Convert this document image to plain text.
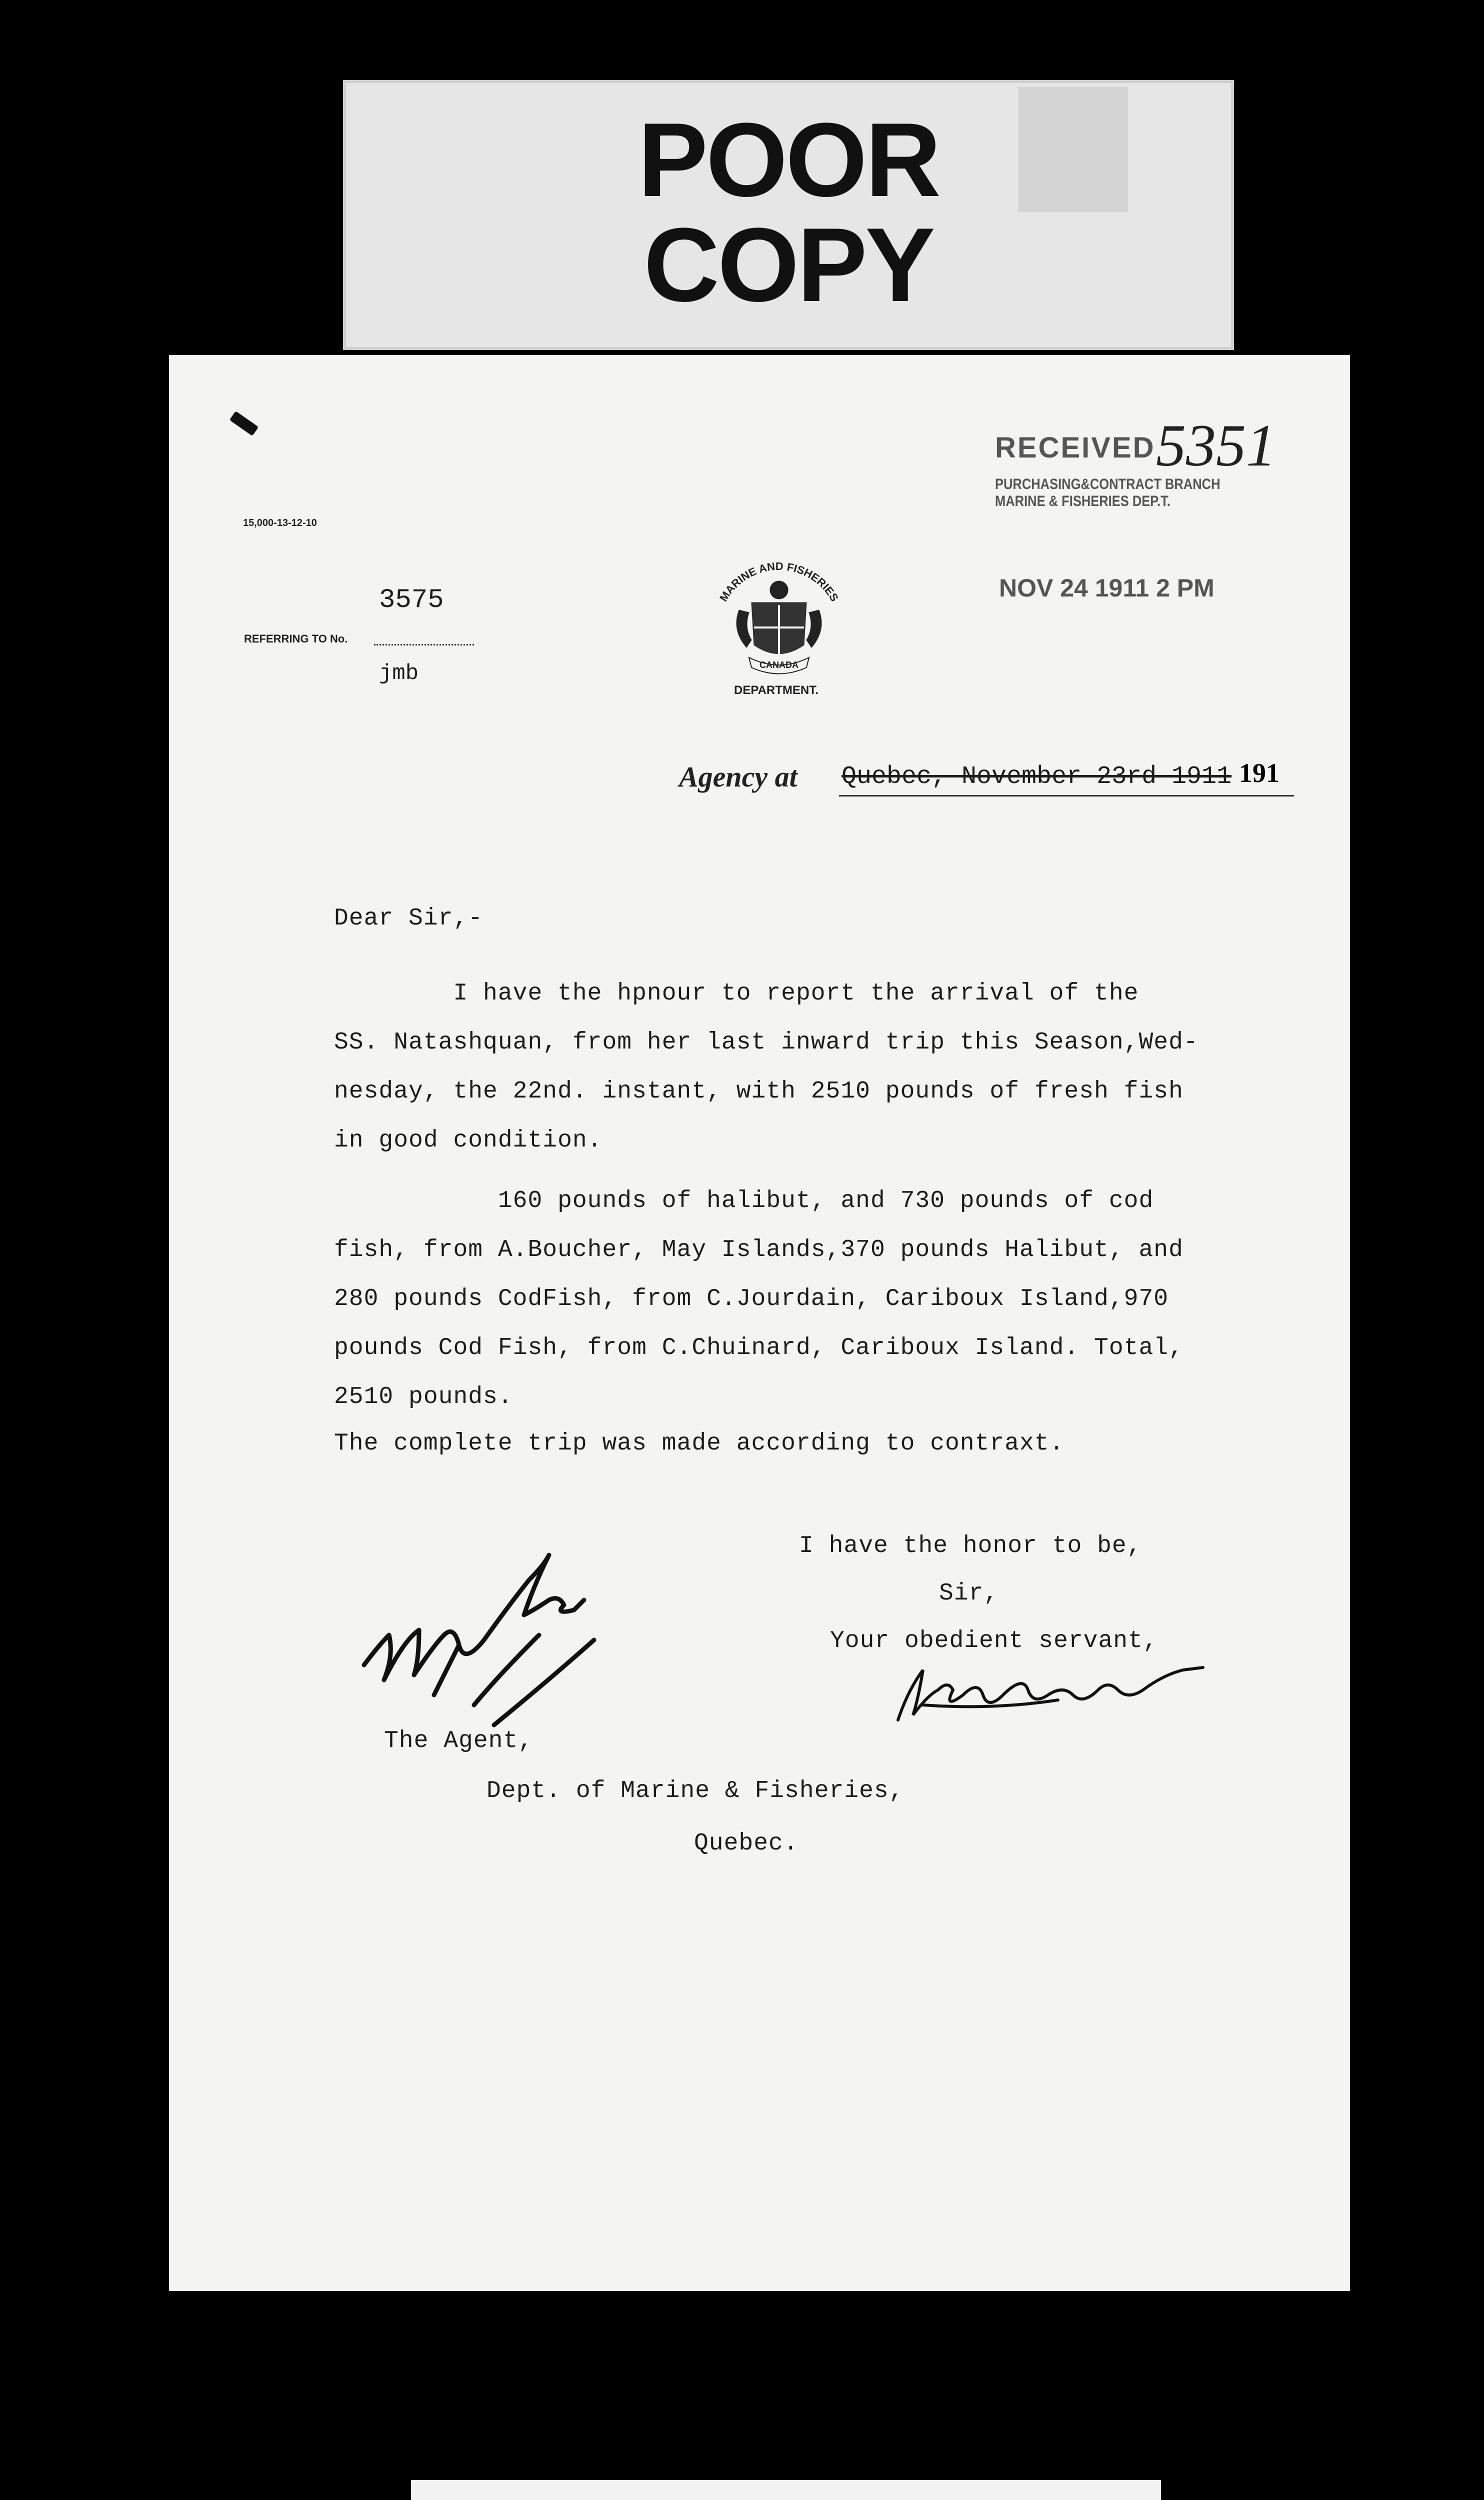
POOR
COPY
15,000-13-12-10
3575
REFERRING TO No.
jmb
MARINE AND FISHERIES
CANADA
DEPARTMENT.
RECEIVED
PURCHASING&CONTRACT BRANCH
MARINE & FISHERIES DEP.T.
NOV 24 1911 2 PM
5351
Agency at Quebec, November 23rd 1911 191
Dear Sir,-
I have the hpnour to report the arrival of the
SS. Natashquan, from her last inward trip this Season,Wed-
nesday, the 22nd. instant, with 2510 pounds of fresh fish
in good condition.
160 pounds of halibut, and 730 pounds of cod
fish, from A.Boucher, May Islands,370 pounds Halibut, and
280 pounds CodFish, from C.Jourdain, Cariboux Island,970
pounds Cod Fish, from C.Chuinard, Cariboux Island. Total,
2510 pounds.
The complete trip was made according to contraxt.
Noted
I have the honor to be,
Sir,
Your obedient servant,
J.M.Blouin
The Agent,
Dept. of Marine & Fisheries,
Quebec.
